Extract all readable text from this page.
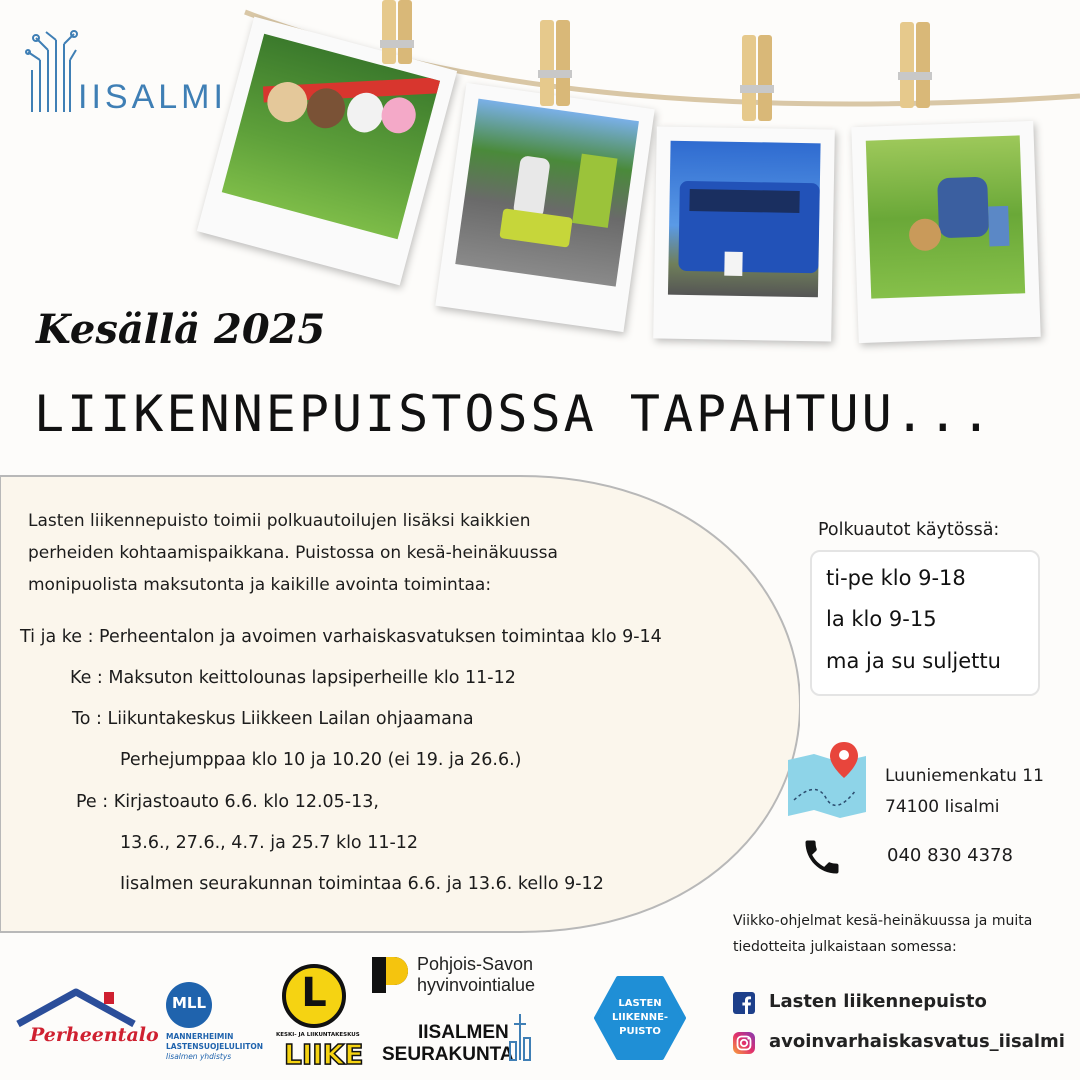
IISALMI
Kesällä 2025
LIIKENNEPUISTOSSA TAPAHTUU...
Lasten liikennepuisto toimii polkuautoilujen lisäksi kaikkien
perheiden kohtaamispaikkana. Puistossa on kesä-heinäkuussa
monipuolista maksutonta ja kaikille avointa toimintaa:
Ti ja ke : Perheentalon ja avoimen varhaiskasvatuksen toimintaa klo 9-14
Ke : Maksuton keittolounas lapsiperheille klo 11-12
To : Liikuntakeskus Liikkeen Lailan ohjaamana
Perhejumppaa klo 10 ja 10.20 (ei 19. ja 26.6.)
Pe : Kirjastoauto 6.6. klo 12.05-13,
13.6., 27.6., 4.7. ja 25.7 klo 11-12
Iisalmen seurakunnan toimintaa 6.6. ja 13.6. kello 9-12
Polkuautot käytössä:
ti-pe klo 9-18
la klo 9-15
ma ja su suljettu
Luuniemenkatu 11
74100 Iisalmi
040 830 4378
Viikko-ohjelmat kesä-heinäkuussa ja muita
tiedotteita julkaistaan somessa:
Lasten liikennepuisto
avoinvarhaiskasvatus_iisalmi
Perheentalo
MLL
MANNERHEIMIN
LASTENSUOJELULIITON
Iisalmen yhdistys
L
KESKI- JA LIIKUNTAKESKUS
LIIKE
Pohjois-Savon
hyvinvointialue
IISALMEN
SEURAKUNTA
LASTEN
LIIKENNE-
PUISTO
